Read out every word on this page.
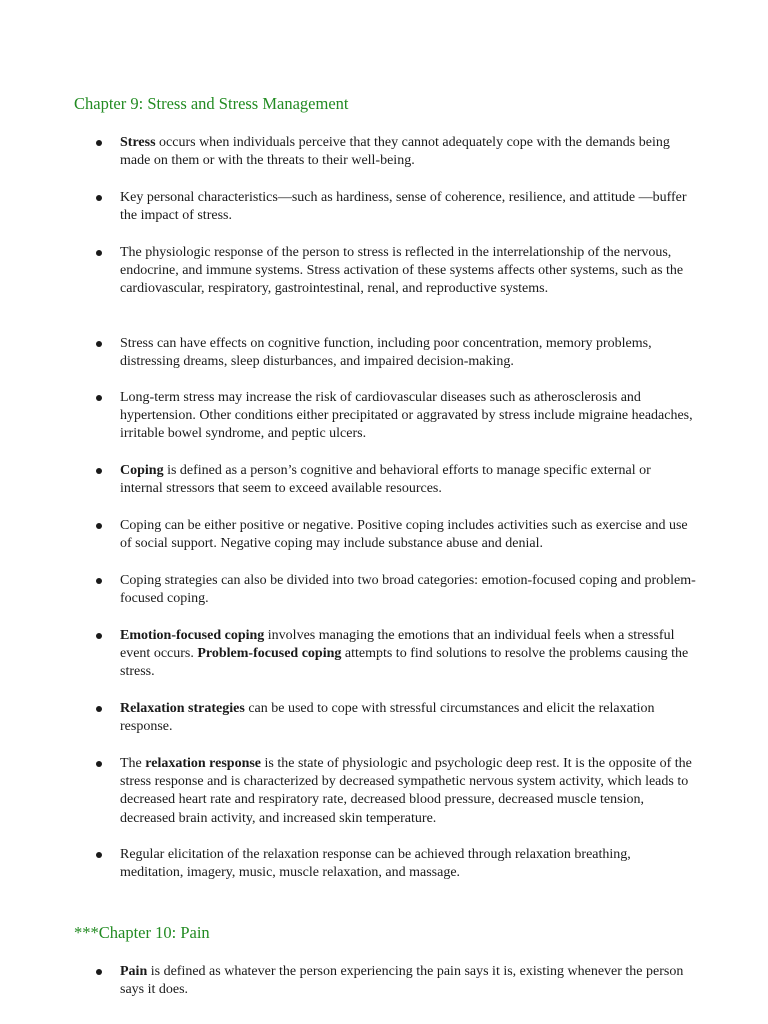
Chapter 9: Stress and Stress Management
Stress occurs when individuals perceive that they cannot adequately cope with the demands being made on them or with the threats to their well-being.
Key personal characteristics—such as hardiness, sense of coherence, resilience, and attitude —buffer the impact of stress.
The physiologic response of the person to stress is reflected in the interrelationship of the nervous, endocrine, and immune systems. Stress activation of these systems affects other systems, such as the cardiovascular, respiratory, gastrointestinal, renal, and reproductive systems.
Stress can have effects on cognitive function, including poor concentration, memory problems, distressing dreams, sleep disturbances, and impaired decision-making.
Long-term stress may increase the risk of cardiovascular diseases such as atherosclerosis and hypertension. Other conditions either precipitated or aggravated by stress include migraine headaches, irritable bowel syndrome, and peptic ulcers.
Coping is defined as a person’s cognitive and behavioral efforts to manage specific external or internal stressors that seem to exceed available resources.
Coping can be either positive or negative. Positive coping includes activities such as exercise and use of social support. Negative coping may include substance abuse and denial.
Coping strategies can also be divided into two broad categories: emotion-focused coping and problem-focused coping.
Emotion-focused coping involves managing the emotions that an individual feels when a stressful event occurs. Problem-focused coping attempts to find solutions to resolve the problems causing the stress.
Relaxation strategies can be used to cope with stressful circumstances and elicit the relaxation response.
The relaxation response is the state of physiologic and psychologic deep rest. It is the opposite of the stress response and is characterized by decreased sympathetic nervous system activity, which leads to decreased heart rate and respiratory rate, decreased blood pressure, decreased muscle tension, decreased brain activity, and increased skin temperature.
Regular elicitation of the relaxation response can be achieved through relaxation breathing, meditation, imagery, music, muscle relaxation, and massage.
***Chapter 10: Pain
Pain is defined as whatever the person experiencing the pain says it is, existing whenever the person says it does.
